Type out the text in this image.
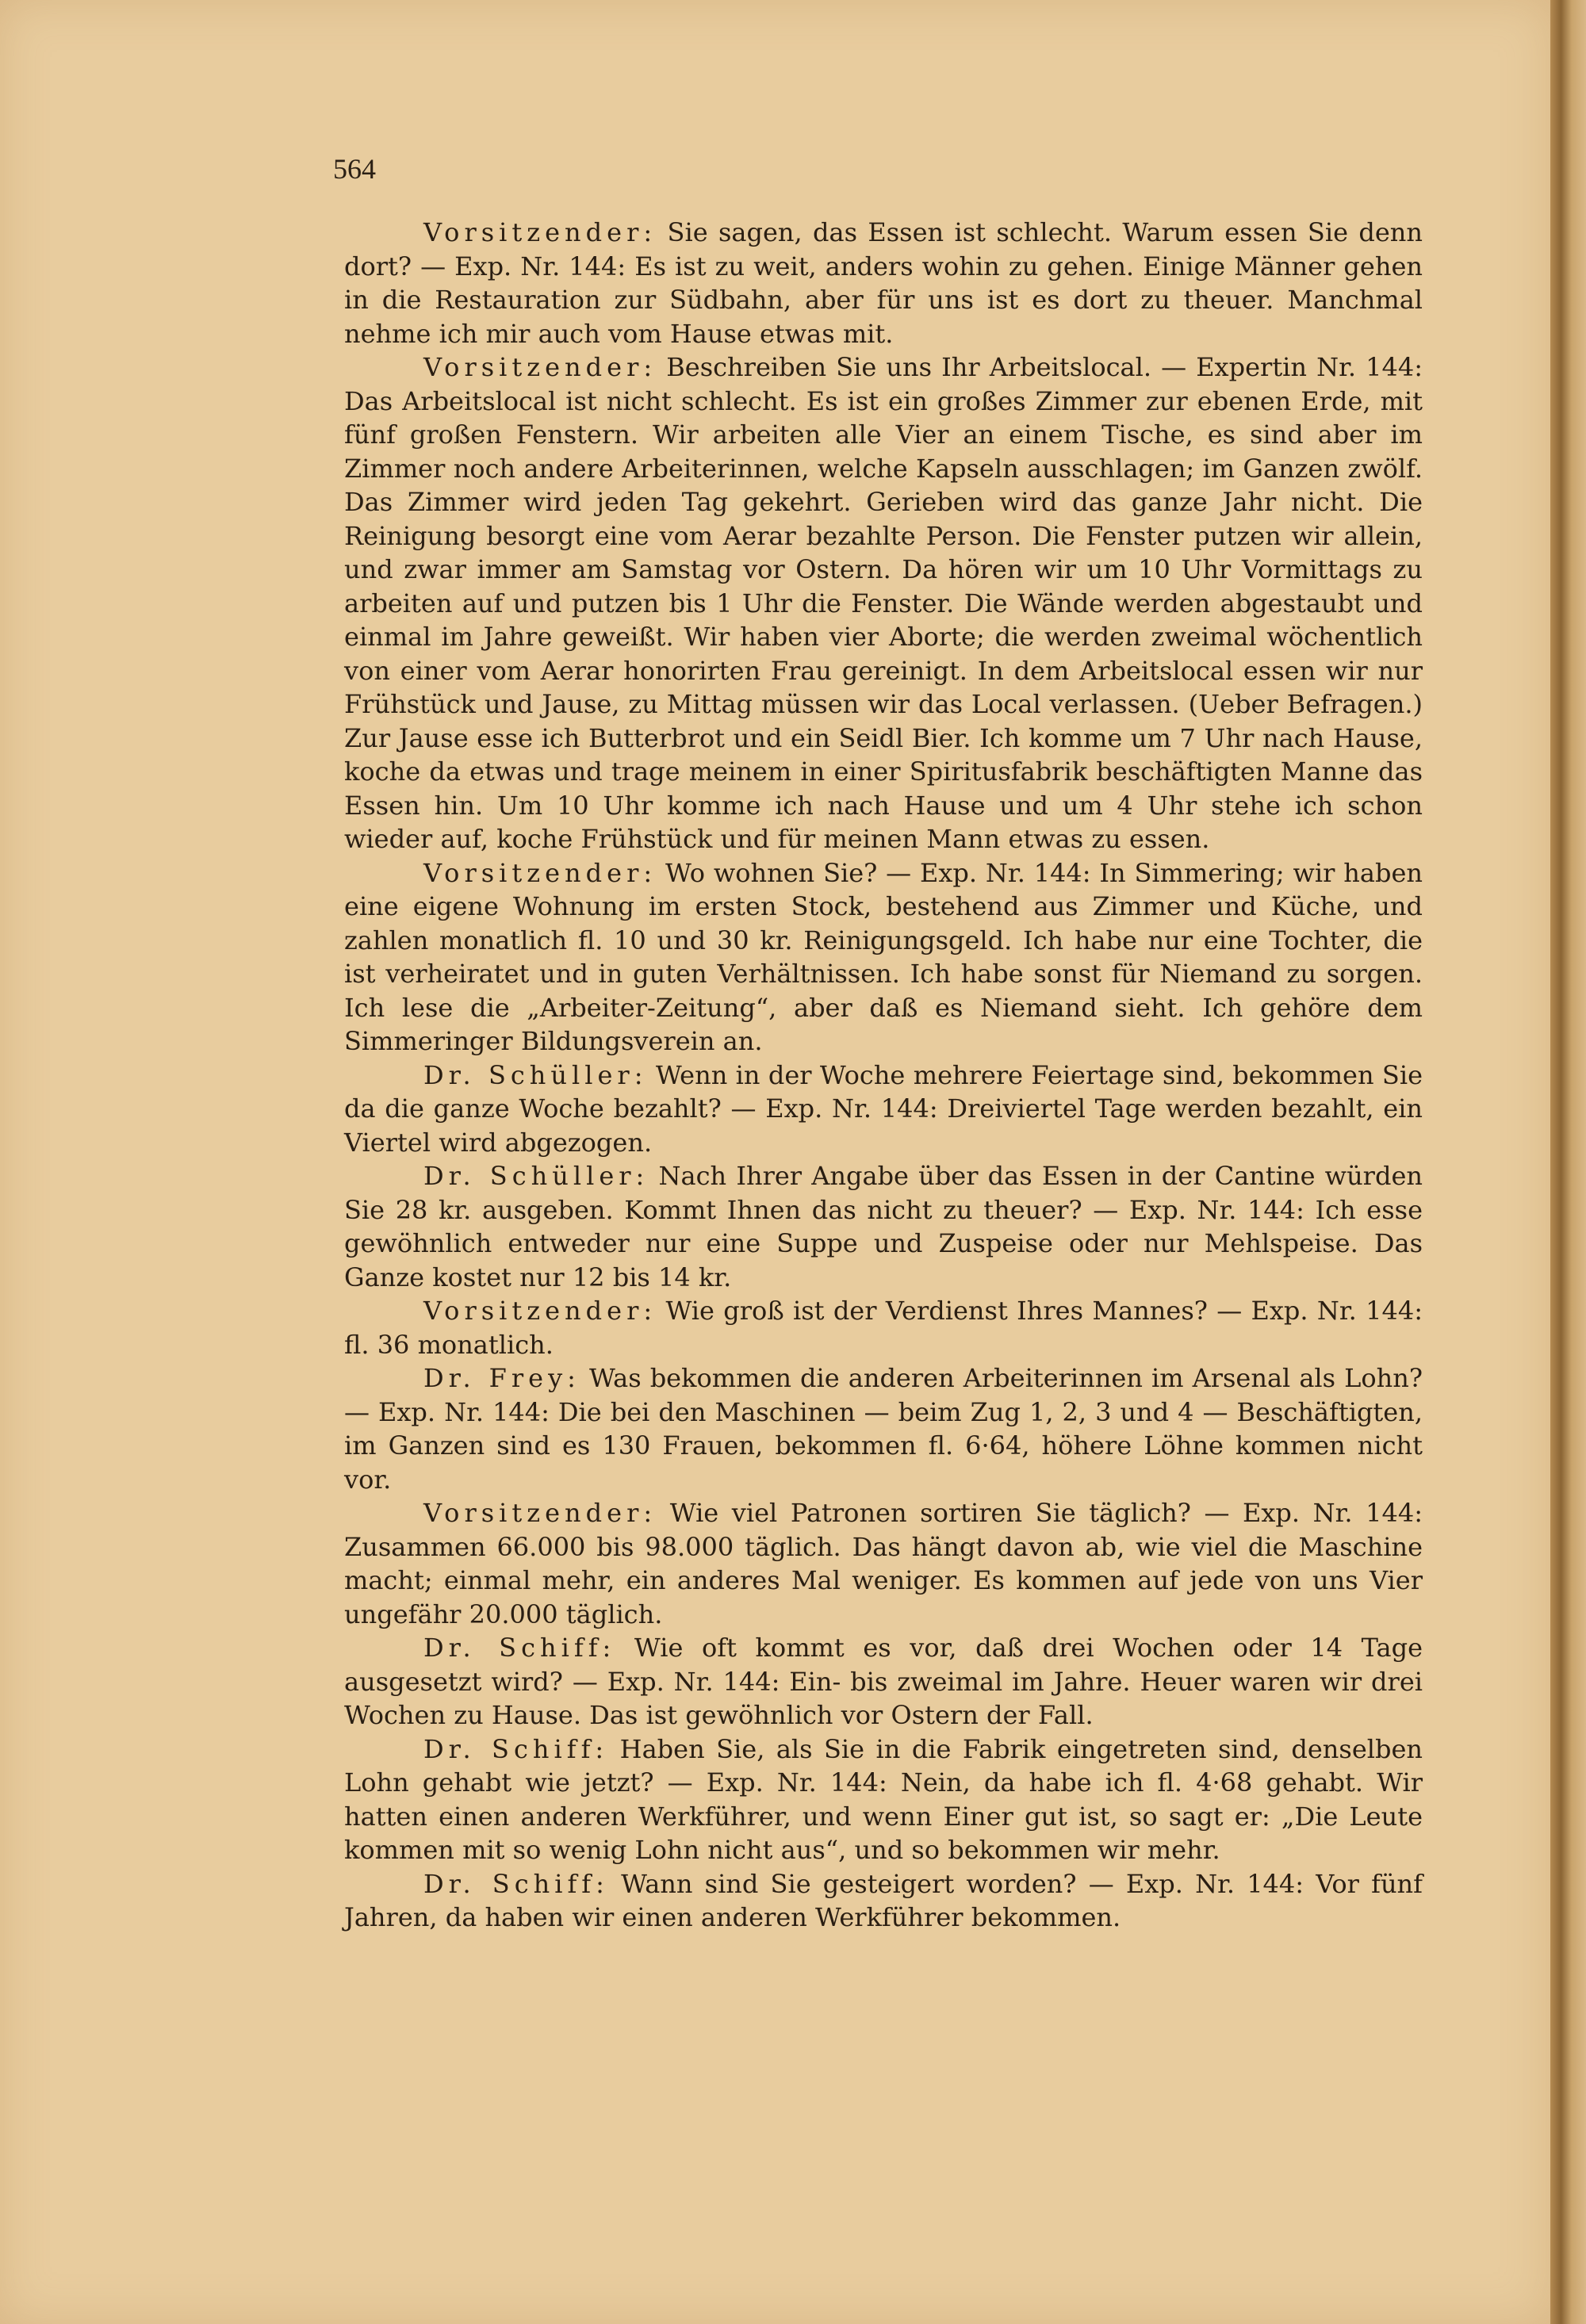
564

Vorsitzender: Sie sagen, das Essen ist schlecht. Warum essen Sie denn dort? — Exp. Nr. 144: Es ist zu weit, anders wohin zu gehen. Einige Männer gehen in die Restauration zur Südbahn, aber für uns ist es dort zu theuer. Manchmal nehme ich mir auch vom Hause etwas mit.

Vorsitzender: Beschreiben Sie uns Ihr Arbeitslocal. — Expertin Nr. 144: Das Arbeitslocal ist nicht schlecht. Es ist ein großes Zimmer zur ebenen Erde, mit fünf großen Fenstern. Wir arbeiten alle Vier an einem Tische, es sind aber im Zimmer noch andere Arbeiterinnen, welche Kapseln ausschlagen; im Ganzen zwölf. Das Zimmer wird jeden Tag gekehrt. Gerieben wird das ganze Jahr nicht. Die Reinigung besorgt eine vom Aerar bezahlte Person. Die Fenster putzen wir allein, und zwar immer am Samstag vor Ostern. Da hören wir um 10 Uhr Vormittags zu arbeiten auf und putzen bis 1 Uhr die Fenster. Die Wände werden abgestaubt und einmal im Jahre geweißt. Wir haben vier Aborte; die werden zweimal wöchentlich von einer vom Aerar honorirten Frau gereinigt. In dem Arbeitslocal essen wir nur Frühstück und Jause, zu Mittag müssen wir das Local verlassen. (Ueber Befragen.) Zur Jause esse ich Butterbrot und ein Seidl Bier. Ich komme um 7 Uhr nach Hause, koche da etwas und trage meinem in einer Spiritusfabrik beschäftigten Manne das Essen hin. Um 10 Uhr komme ich nach Hause und um 4 Uhr stehe ich schon wieder auf, koche Frühstück und für meinen Mann etwas zu essen.

Vorsitzender: Wo wohnen Sie? — Exp. Nr. 144: In Simmering; wir haben eine eigene Wohnung im ersten Stock, bestehend aus Zimmer und Küche, und zahlen monatlich fl. 10 und 30 kr. Reinigungsgeld. Ich habe nur eine Tochter, die ist verheiratet und in guten Verhältnissen. Ich habe sonst für Niemand zu sorgen. Ich lese die „Arbeiter-Zeitung“, aber daß es Niemand sieht. Ich gehöre dem Simmeringer Bildungsverein an.

Dr. Schüller: Wenn in der Woche mehrere Feiertage sind, bekommen Sie da die ganze Woche bezahlt? — Exp. Nr. 144: Dreiviertel Tage werden bezahlt, ein Viertel wird abgezogen.

Dr. Schüller: Nach Ihrer Angabe über das Essen in der Cantine würden Sie 28 kr. ausgeben. Kommt Ihnen das nicht zu theuer? — Exp. Nr. 144: Ich esse gewöhnlich entweder nur eine Suppe und Zuspeise oder nur Mehlspeise. Das Ganze kostet nur 12 bis 14 kr.

Vorsitzender: Wie groß ist der Verdienst Ihres Mannes? — Exp. Nr. 144: fl. 36 monatlich.

Dr. Frey: Was bekommen die anderen Arbeiterinnen im Arsenal als Lohn? — Exp. Nr. 144: Die bei den Maschinen — beim Zug 1, 2, 3 und 4 — Beschäftigten, im Ganzen sind es 130 Frauen, bekommen fl. 6·64, höhere Löhne kommen nicht vor.

Vorsitzender: Wie viel Patronen sortiren Sie täglich? — Exp. Nr. 144: Zusammen 66.000 bis 98.000 täglich. Das hängt davon ab, wie viel die Maschine macht; einmal mehr, ein anderes Mal weniger. Es kommen auf jede von uns Vier ungefähr 20.000 täglich.

Dr. Schiff: Wie oft kommt es vor, daß drei Wochen oder 14 Tage ausgesetzt wird? — Exp. Nr. 144: Ein- bis zweimal im Jahre. Heuer waren wir drei Wochen zu Hause. Das ist gewöhnlich vor Ostern der Fall.

Dr. Schiff: Haben Sie, als Sie in die Fabrik eingetreten sind, denselben Lohn gehabt wie jetzt? — Exp. Nr. 144: Nein, da habe ich fl. 4·68 gehabt. Wir hatten einen anderen Werkführer, und wenn Einer gut ist, so sagt er: „Die Leute kommen mit so wenig Lohn nicht aus“, und so bekommen wir mehr.

Dr. Schiff: Wann sind Sie gesteigert worden? — Exp. Nr. 144: Vor fünf Jahren, da haben wir einen anderen Werkführer bekommen.
